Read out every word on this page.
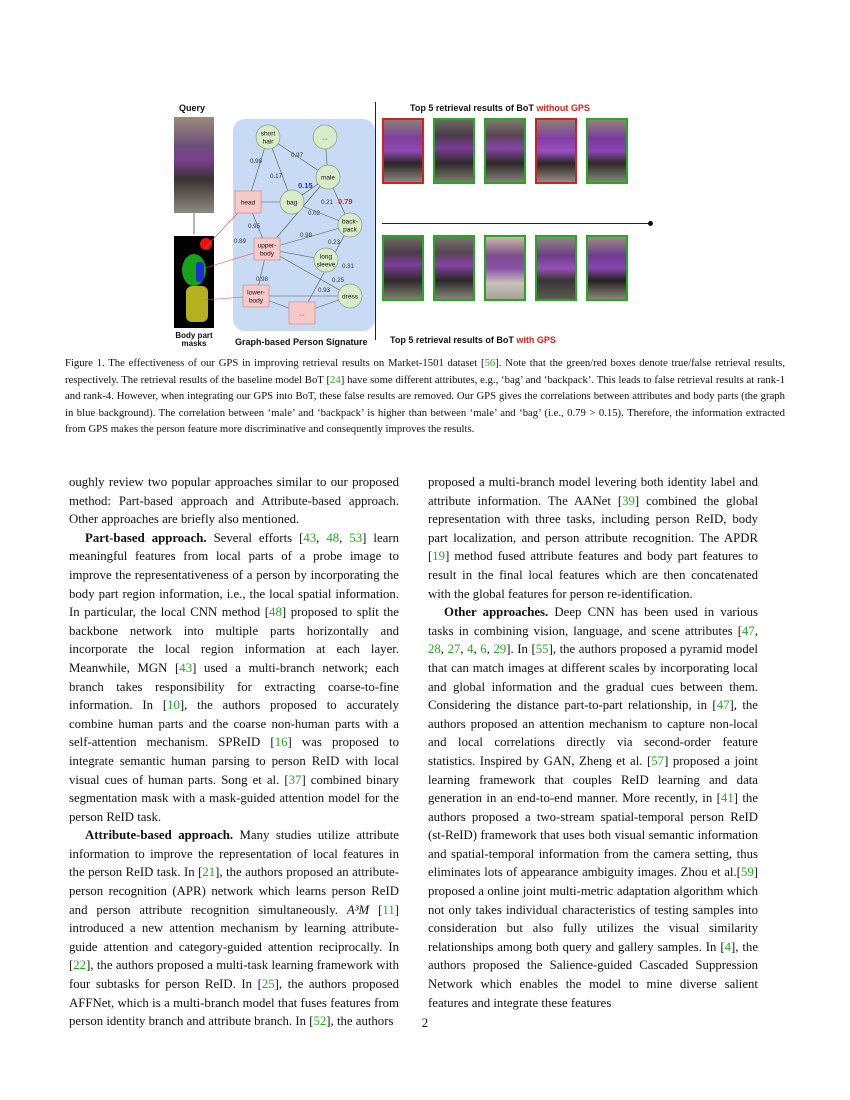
Query
Body part masks
short hair
...
male
bag
back-pack
long sleeve
dress
head
upper-body
lower-body
...
0.98
0.97
0.17
0.15
0.21 0.79
0.02
0.95
0.89
0.98
0.23
0.31
0.98	0.25
0.93
Graph-based Person Signature
Top 5 retrieval results of BoT without GPS
Top 5 retrieval results of BoT with GPS
Figure 1. The effectiveness of our GPS in improving retrieval results on Market-1501 dataset [56]. Note that the green/red boxes denote true/false retrieval results, respectively. The retrieval results of the baseline model BoT [24] have some different attributes, e.g., ‘bag’ and ‘backpack’. This leads to false retrieval results at rank-1 and rank-4. However, when integrating our GPS into BoT, these false results are removed. Our GPS gives the correlations between attributes and body parts (the graph in blue background). The correlation between ‘male’ and ‘backpack’ is higher than between ‘male’ and ‘bag’ (i.e., 0.79 > 0.15). Therefore, the information extracted from GPS makes the person feature more discriminative and consequently improves the results.

oughly review two popular approaches similar to our proposed method: Part-based approach and Attribute-based approach. Other approaches are briefly also mentioned.

Part-based approach. Several efforts [43, 48, 53] learn meaningful features from local parts of a probe image to improve the representativeness of a person by incorporating the body part region information, i.e., the local spatial information. In particular, the local CNN method [48] proposed to split the backbone network into multiple parts horizontally and incorporate the local region information at each layer. Meanwhile, MGN [43] used a multi-branch network; each branch takes responsibility for extracting coarse-to-fine information. In [10], the authors proposed to accurately combine human parts and the coarse non-human parts with a self-attention mechanism. SPReID [16] was proposed to integrate semantic human parsing to person ReID with local visual cues of human parts. Song et al. [37] combined binary segmentation mask with a mask-guided attention model for the person ReID task.

Attribute-based approach. Many studies utilize attribute information to improve the representation of local features in the person ReID task. In [21], the authors proposed an attribute-person recognition (APR) network which learns person ReID and person attribute recognition simultaneously. A³M [11] introduced a new attention mechanism by learning attribute-guide attention and category-guided attention reciprocally. In [22], the authors proposed a multi-task learning framework with four subtasks for person ReID. In [25], the authors proposed AFFNet, which is a multi-branch model that fuses features from person identity branch and attribute branch. In [52], the authors

proposed a multi-branch model levering both identity label and attribute information. The AANet [39] combined the global representation with three tasks, including person ReID, body part localization, and person attribute recognition. The APDR [19] method fused attribute features and body part features to result in the final local features which are then concatenated with the global features for person re-identification.

Other approaches. Deep CNN has been used in various tasks in combining vision, language, and scene attributes [47, 28, 27, 4, 6, 29]. In [55], the authors proposed a pyramid model that can match images at different scales by incorporating local and global information and the gradual cues between them. Considering the distance part-to-part relationship, in [47], the authors proposed an attention mechanism to capture non-local and local correlations directly via second-order feature statistics. Inspired by GAN, Zheng et al. [57] proposed a joint learning framework that couples ReID learning and data generation in an end-to-end manner. More recently, in [41] the authors proposed a two-stream spatial-temporal person ReID (st-ReID) framework that uses both visual semantic information and spatial-temporal information from the camera setting, thus eliminates lots of appearance ambiguity images. Zhou et al.[59] proposed a online joint multi-metric adaptation algorithm which not only takes individual characteristics of testing samples into consideration but also fully utilizes the visual similarity relationships among both query and gallery samples. In [4], the authors proposed the Salience-guided Cascaded Suppression Network which enables the model to mine diverse salient features and integrate these features

2
